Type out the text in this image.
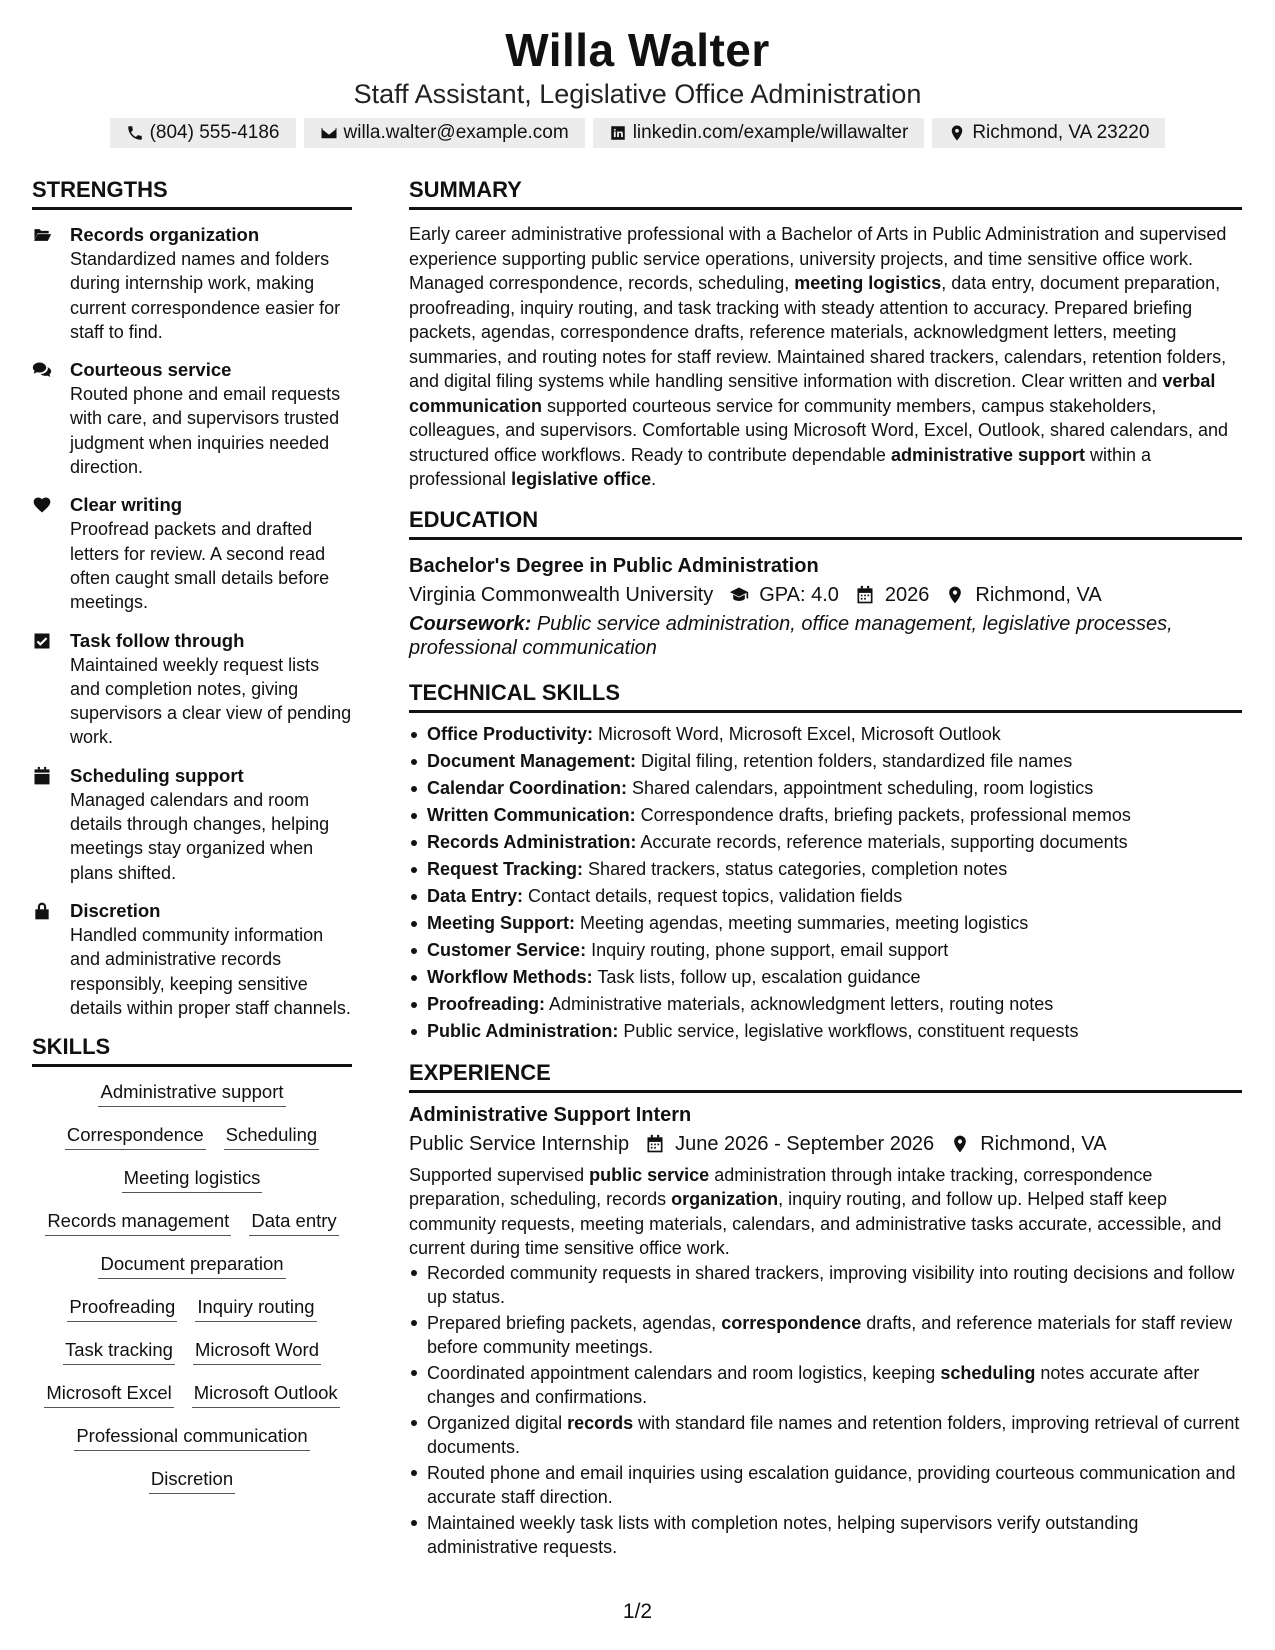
Willa Walter
Staff Assistant, Legislative Office Administration
(804) 555-4186	willa.walter@example.com	linkedin.com/example/willawalter	Richmond, VA 23220
STRENGTHS
Records organization
Standardized names and folders during internship work, making current correspondence easier for staff to find.
Courteous service
Routed phone and email requests with care, and supervisors trusted judgment when inquiries needed direction.
Clear writing
Proofread packets and drafted letters for review. A second read often caught small details before meetings.
Task follow through
Maintained weekly request lists and completion notes, giving supervisors a clear view of pending work.
Scheduling support
Managed calendars and room details through changes, helping meetings stay organized when plans shifted.
Discretion
Handled community information and administrative records responsibly, keeping sensitive details within proper staff channels.
SKILLS
Administrative support
Correspondence Scheduling
Meeting logistics
Records management Data entry
Document preparation
Proofreading Inquiry routing
Task tracking Microsoft Word
Microsoft Excel Microsoft Outlook
Professional communication
Discretion
SUMMARY
Early career administrative professional with a Bachelor of Arts in Public Administration and supervised experience supporting public service operations, university projects, and time sensitive office work. Managed correspondence, records, scheduling, meeting logistics, data entry, document preparation, proofreading, inquiry routing, and task tracking with steady attention to accuracy. Prepared briefing packets, agendas, correspondence drafts, reference materials, acknowledgment letters, meeting summaries, and routing notes for staff review. Maintained shared trackers, calendars, retention folders, and digital filing systems while handling sensitive information with discretion. Clear written and verbal communication supported courteous service for community members, campus stakeholders, colleagues, and supervisors. Comfortable using Microsoft Word, Excel, Outlook, shared calendars, and structured office workflows. Ready to contribute dependable administrative support within a professional legislative office.
EDUCATION
Bachelor's Degree in Public Administration
Virginia Commonwealth University GPA: 4.0 2026 Richmond, VA
Coursework: Public service administration, office management, legislative processes, professional communication
TECHNICAL SKILLS
Office Productivity: Microsoft Word, Microsoft Excel, Microsoft Outlook
Document Management: Digital filing, retention folders, standardized file names
Calendar Coordination: Shared calendars, appointment scheduling, room logistics
Written Communication: Correspondence drafts, briefing packets, professional memos
Records Administration: Accurate records, reference materials, supporting documents
Request Tracking: Shared trackers, status categories, completion notes
Data Entry: Contact details, request topics, validation fields
Meeting Support: Meeting agendas, meeting summaries, meeting logistics
Customer Service: Inquiry routing, phone support, email support
Workflow Methods: Task lists, follow up, escalation guidance
Proofreading: Administrative materials, acknowledgment letters, routing notes
Public Administration: Public service, legislative workflows, constituent requests
EXPERIENCE
Administrative Support Intern
Public Service Internship June 2026 - September 2026 Richmond, VA
Supported supervised public service administration through intake tracking, correspondence preparation, scheduling, records organization, inquiry routing, and follow up. Helped staff keep community requests, meeting materials, calendars, and administrative tasks accurate, accessible, and current during time sensitive office work.
Recorded community requests in shared trackers, improving visibility into routing decisions and follow up status.
Prepared briefing packets, agendas, correspondence drafts, and reference materials for staff review before community meetings.
Coordinated appointment calendars and room logistics, keeping scheduling notes accurate after changes and confirmations.
Organized digital records with standard file names and retention folders, improving retrieval of current documents.
Routed phone and email inquiries using escalation guidance, providing courteous communication and accurate staff direction.
Maintained weekly task lists with completion notes, helping supervisors verify outstanding administrative requests.
1/2
